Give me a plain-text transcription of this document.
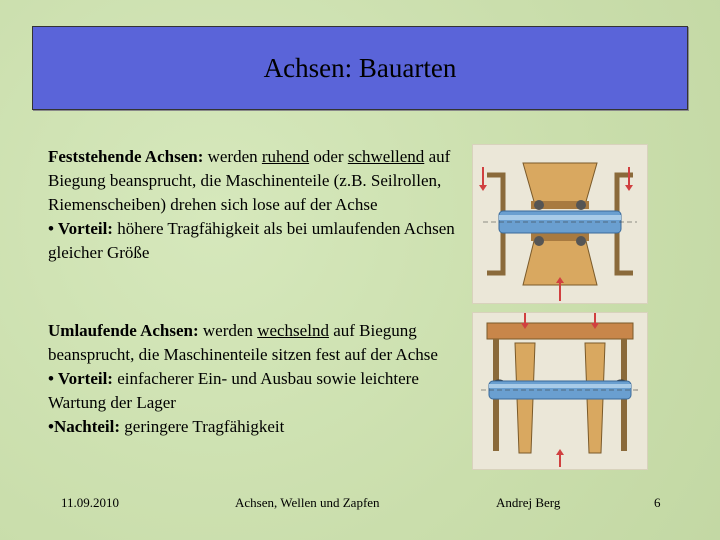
Achsen: Bauarten
Feststehende Achsen: werden ruhend oder schwellend auf Biegung beansprucht, die Maschinenteile (z.B. Seilrollen, Riemenscheiben) drehen sich lose auf der Achse
• Vorteil: höhere Tragfähigkeit als bei umlaufenden Achsen gleicher Größe
Umlaufende Achsen: werden wechselnd auf Biegung beansprucht, die Maschinenteile sitzen fest auf der Achse
• Vorteil: einfacherer Ein- und Ausbau sowie leichtere Wartung der Lager
•Nachteil: geringere Tragfähigkeit
11.09.2010	Achsen, Wellen und Zapfen	Andrej Berg	6
